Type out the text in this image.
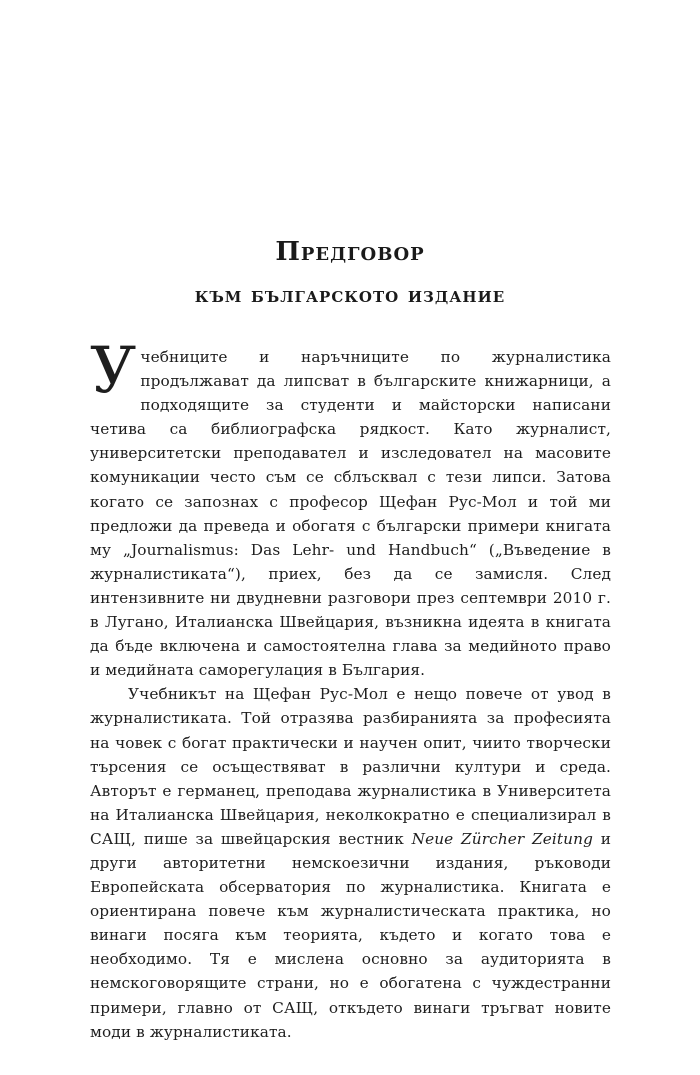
Предговор
към българското издание

Учебниците и наръчниците по журналистика продължават да липсват в българските книжарници, а подходящите за студенти и майсторски написани четива са библиографска рядкост. Като журналист, университетски преподавател и изследовател на масовите комуникации често съм се сблъсквал с тези липси. Затова когато се запознах с професор Щефан Рус-Мол и той ми предложи да преведа и обогатя с български примери книгата му „Journalismus: Das Lehr- und Handbuch“ („Въведение в журналистиката“), приех, без да се замисля. След интензивните ни двудневни разговори през септември 2010 г. в Лугано, Италианска Швейцария, възникна идеята в книгата да бъде включена и самостоятелна глава за медийното право и медийната саморегулация в България.

Учебникът на Щефан Рус-Мол е нещо повече от увод в журналистиката. Той отразява разбиранията за професията на човек с богат практически и научен опит, чиито творчески търсения се осъществяват в различни култури и среда. Авторът е германец, преподава журналистика в Университета на Италианска Швейцария, неколкократно е специализирал в САЩ, пише за швейцарския вестник Neue Zürcher Zeitung и други авторитетни немскоезични издания, ръководи Европейската обсерватория по журналистика. Книгата е ориентирана повече към журналистическата практика, но винаги посяга към теорията, където и когато това е необходимо. Тя е мислена основно за аудиторията в немскоговорящите страни, но е обогатена с чуждестранни примери, главно от САЩ, откъдето винаги тръгват новите моди в журналистиката.
